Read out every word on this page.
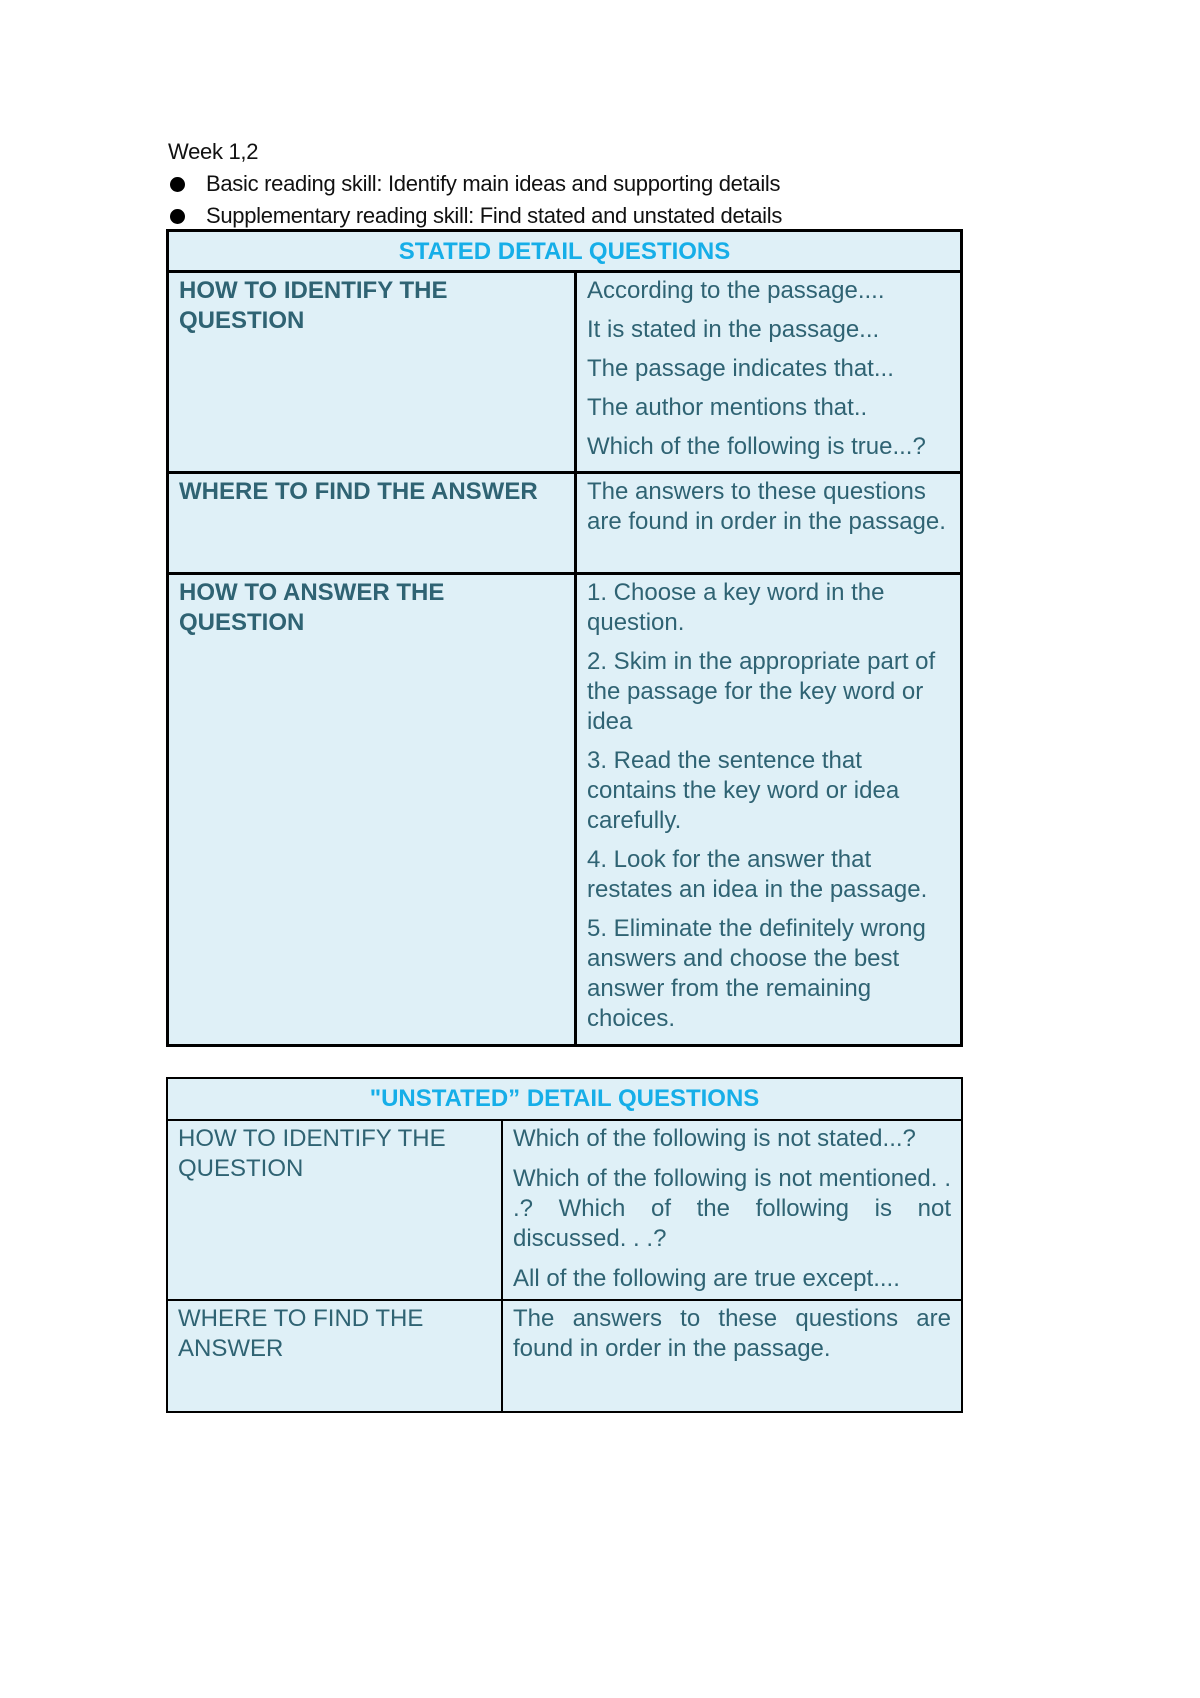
Week 1,2
Basic reading skill: Identify main ideas and supporting details
Supplementary reading skill: Find stated and unstated details
STATED DETAIL QUESTIONS	
HOW TO IDENTIFY THE QUESTION	According to the passage....

It is stated in the passage...

The passage indicates that...

The author mentions that..

Which of the following is true...?

WHERE TO FIND THE ANSWER	The answers to these questions are found in order in the passage.

HOW TO ANSWER THE QUESTION	1. Choose a key word in the question.

2. Skim in the appropriate part of the passage for the key word or idea

3. Read the sentence that contains the key word or idea carefully.

4. Look for the answer that restates an idea in the passage.

5. Eliminate the definitely wrong answers and choose the best answer from the remaining choices.

"UNSTATED” DETAIL QUESTIONS	
HOW TO IDENTIFY THE QUESTION	Which of the following is not stated...?

Which of the following is not mentioned. . .? Which of the following is not discussed. . .?

All of the following are true except....

WHERE TO FIND THE ANSWER	The answers to these questions are found in order in the passage.
